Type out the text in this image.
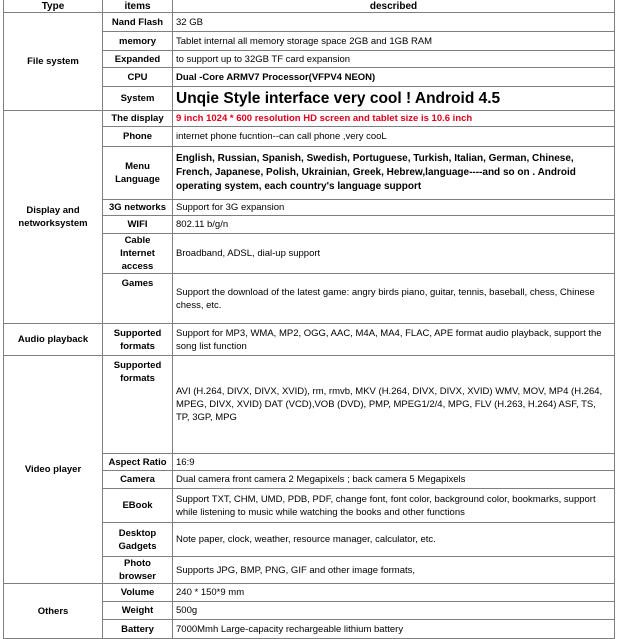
Type	items	described
File system	Nand Flash	32 GB
	memory	Tablet internal all memory storage space 2GB and 1GB RAM
	Expanded	to support up to 32GB TF card expansion
	CPU	Dual -Core ARMV7 Processor(VFPV4 NEON)
	System	Unqie Style interface very cool ! Android 4.5
Display and networksystem	The display	9 inch 1024 * 600 resolution HD screen and tablet size is 10.6 inch
	Phone	internet phone fucntion--can call phone ,very cooL
	Menu Language	English, Russian, Spanish, Swedish, Portuguese, Turkish, Italian, German, Chinese, French, Japanese, Polish, Ukrainian, Greek, Hebrew,language----and so on . Android operating system, each country's language support
	3G networks	Support for 3G expansion
	WIFI	802.11 b/g/n
	Cable Internet access	Broadband, ADSL, dial-up support
	Games	Support the download of the latest game: angry birds piano, guitar, tennis, baseball, chess, Chinese chess, etc.
Audio playback	Supported formats	Support for MP3, WMA, MP2, OGG, AAC, M4A, MA4, FLAC, APE format audio playback, support the song list function
Video player	Supported formats	AVI (H.264, DIVX, DIVX, XVID), rm, rmvb, MKV (H.264, DIVX, DIVX, XVID) WMV, MOV, MP4 (H.264, MPEG, DIVX, XVID) DAT (VCD),VOB (DVD), PMP, MPEG1/2/4, MPG, FLV (H.263, H.264) ASF, TS, TP, 3GP, MPG
	Aspect Ratio	16:9
	Camera	Dual camera front camera 2 Megapixels ; back camera 5 Megapixels
	EBook	Support TXT, CHM, UMD, PDB, PDF, change font, font color, background color, bookmarks, support while listening to music while watching the books and other functions
	Desktop Gadgets	Note paper, clock, weather, resource manager, calculator, etc.
	Photo browser	Supports JPG, BMP, PNG, GIF and other image formats,
Others	Volume	240 * 150*9 mm
	Weight	500g
	Battery	7000Mmh Large-capacity rechargeable lithium battery
